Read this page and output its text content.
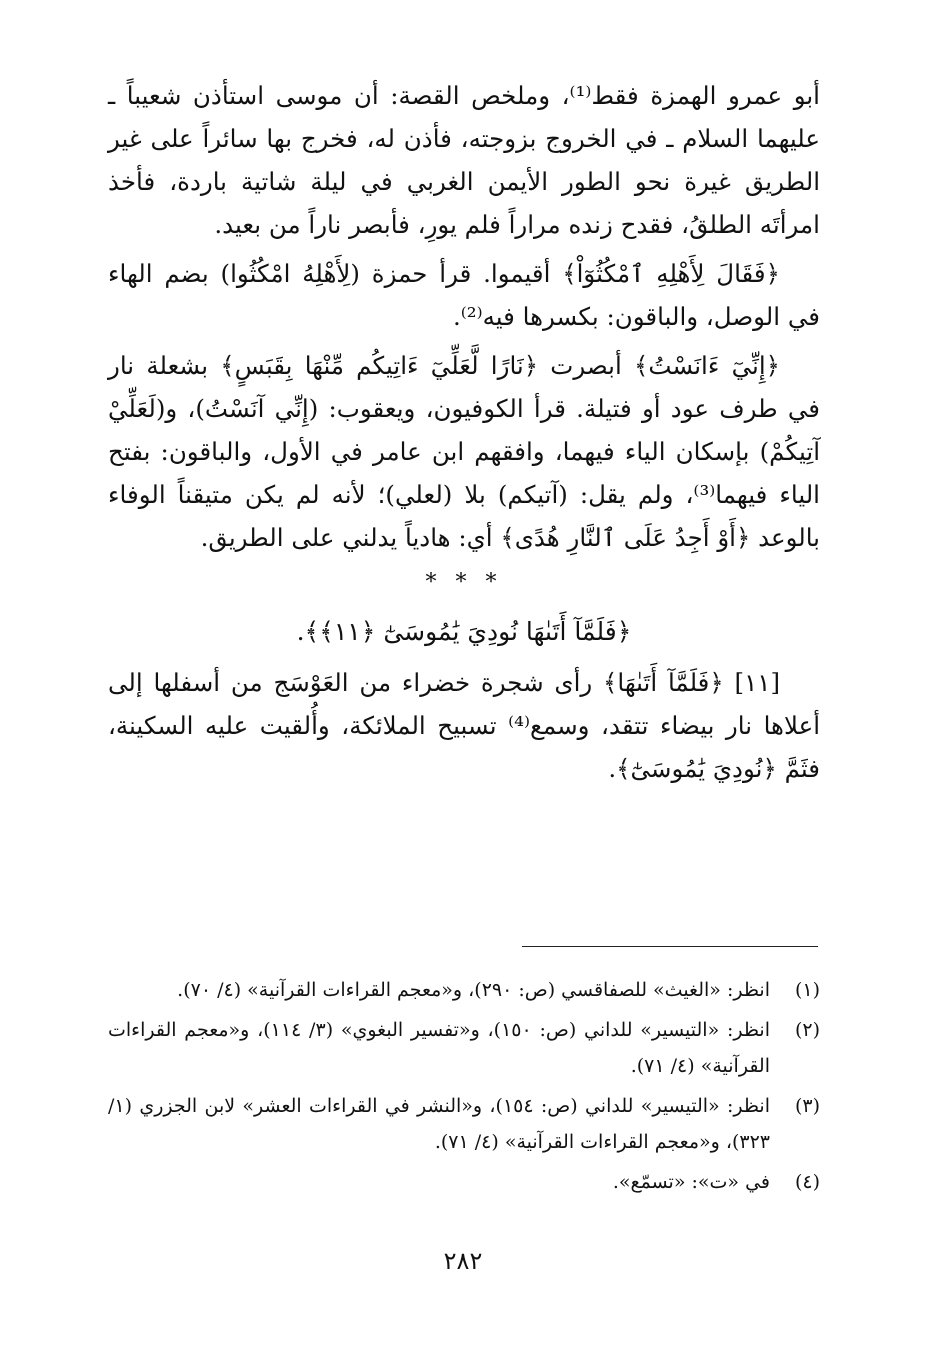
أبو عمرو الهمزة فقط⁽¹⁾، وملخص القصة: أن موسى استأذن شعيباً ـ عليهما السلام ـ في الخروج بزوجته، فأذن له، فخرج بها سائراً على غير الطريق غيرة نحو الطور الأيمن الغربي في ليلة شاتية باردة، فأخذ امرأتَه الطلقُ، فقدح زنده مراراً فلم يورِ، فأبصر ناراً من بعيد.

﴿فَقَالَ لِأَهْلِهِ ٱمْكُثُوٓاْ﴾ أقيموا. قرأ حمزة (لِأَهْلِهُ امْكُثُوا) بضم الهاء في الوصل، والباقون: بكسرها فيه⁽²⁾.

﴿إِنِّيٓ ءَانَسْتُ﴾ أبصرت ﴿نَارًا لَّعَلِّيٓ ءَاتِيكُم مِّنْهَا بِقَبَسٍ﴾ بشعلة نار في طرف عود أو فتيلة. قرأ الكوفيون، ويعقوب: (إِنِّي آنَسْتُ)، و(لَعَلِّيْ آتِيكُمْ) بإسكان الياء فيهما، وافقهم ابن عامر في الأول، والباقون: بفتح الياء فيهما⁽³⁾، ولم يقل: (آتيكم) بلا (لعلي)؛ لأنه لم يكن متيقناً الوفاء بالوعد ﴿أَوْ أَجِدُ عَلَى ٱلنَّارِ هُدًى﴾ أي: هادياً يدلني على الطريق.

* * *
﴿فَلَمَّآ أَتَىٰهَا نُودِيَ يَٰمُوسَىٰٓ ﴿١١﴾﴾.

[١١] ﴿فَلَمَّآ أَتَىٰهَا﴾ رأى شجرة خضراء من العَوْسَج من أسفلها إلى أعلاها نار بيضاء تتقد، وسمع⁽⁴⁾ تسبيح الملائكة، وأُلقيت عليه السكينة، فثَمَّ ﴿نُودِيَ يَٰمُوسَىٰٓ﴾.

(١)
انظر: «الغيث» للصفاقسي (ص: ٢٩٠)، و«معجم القراءات القرآنية» (٤/ ٧٠).
(٢)
انظر: «التيسير» للداني (ص: ١٥٠)، و«تفسير البغوي» (٣/ ١١٤)، و«معجم القراءات القرآنية» (٤/ ٧١).
(٣)
انظر: «التيسير» للداني (ص: ١٥٤)، و«النشر في القراءات العشر» لابن الجزري (١/ ٣٢٣)، و«معجم القراءات القرآنية» (٤/ ٧١).
(٤)
في «ت»: «تسمّع».
٢٨٢
